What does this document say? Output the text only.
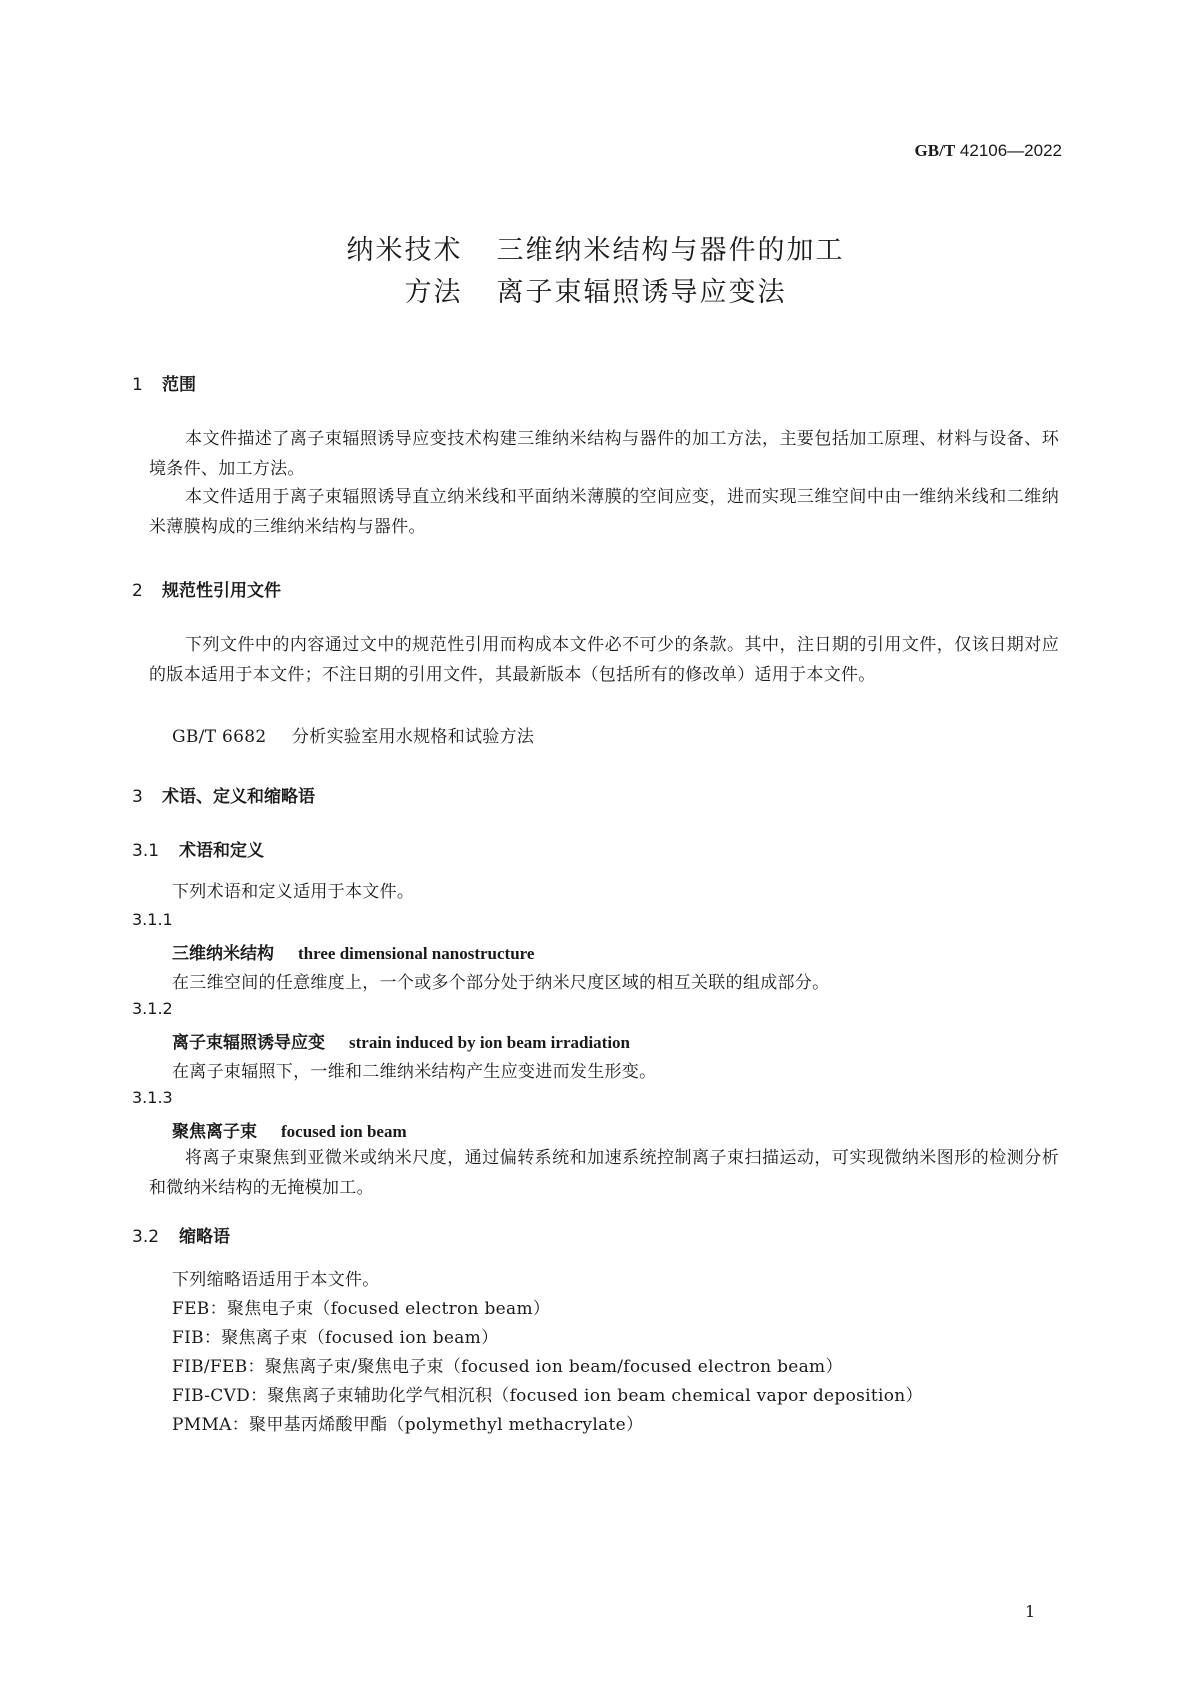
GB/T 42106—2022
纳米技术 三维纳米结构与器件的加工
方法 离子束辐照诱导应变法
1 范围
本文件描述了离子束辐照诱导应变技术构建三维纳米结构与器件的加工方法，主要包括加工原理、材料与设备、环境条件、加工方法。
本文件适用于离子束辐照诱导直立纳米线和平面纳米薄膜的空间应变，进而实现三维空间中由一维纳米线和二维纳米薄膜构成的三维纳米结构与器件。
2 规范性引用文件
下列文件中的内容通过文中的规范性引用而构成本文件必不可少的条款。其中，注日期的引用文件，仅该日期对应的版本适用于本文件；不注日期的引用文件，其最新版本（包括所有的修改单）适用于本文件。
GB/T 6682 分析实验室用水规格和试验方法
3 术语、定义和缩略语
3.1 术语和定义
下列术语和定义适用于本文件。
3.1.1
三维纳米结构 three dimensional nanostructure
在三维空间的任意维度上，一个或多个部分处于纳米尺度区域的相互关联的组成部分。
3.1.2
离子束辐照诱导应变 strain induced by ion beam irradiation
在离子束辐照下，一维和二维纳米结构产生应变进而发生形变。
3.1.3
聚焦离子束 focused ion beam
将离子束聚焦到亚微米或纳米尺度，通过偏转系统和加速系统控制离子束扫描运动，可实现微纳米图形的检测分析和微纳米结构的无掩模加工。
3.2 缩略语
下列缩略语适用于本文件。
FEB：聚焦电子束（focused electron beam）
FIB：聚焦离子束（focused ion beam）
FIB/FEB：聚焦离子束/聚焦电子束（focused ion beam/focused electron beam）
FIB-CVD：聚焦离子束辅助化学气相沉积（focused ion beam chemical vapor deposition）
PMMA：聚甲基丙烯酸甲酯（polymethyl methacrylate）
1
